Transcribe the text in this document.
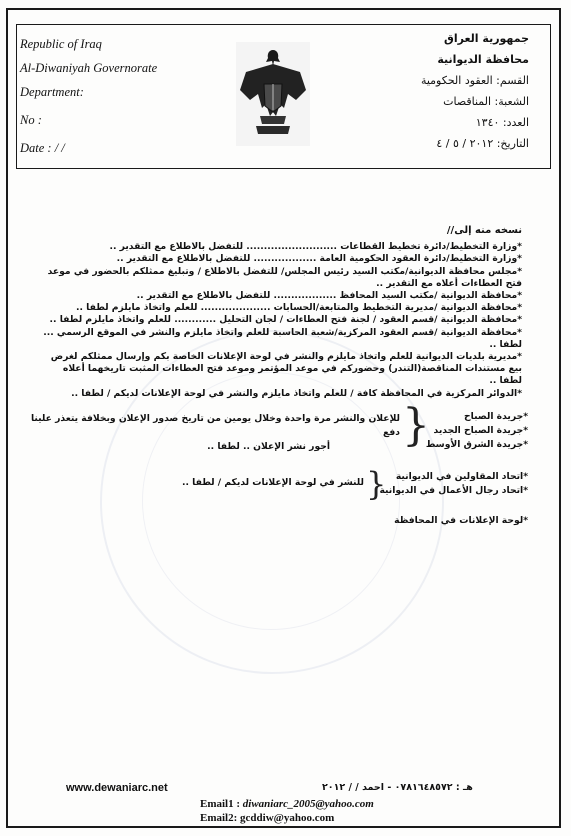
Republic of Iraq
Al-Diwaniyah Governorate
Department:
No :
Date : / /
جمهورية العراق
محافظة الديوانية
القسم: العقود الحكومية
الشعبة: المناقصات
العدد: ١٣٤٠
التاريخ: ٢٠١٢ / ٥ / ٤

نسخه منه إلى//

*وزارة التخطيط/دائرة تخطيط القطاعات .......................... للتفضل بالاطلاع مع التقدير ..

*وزارة التخطيط/دائرة العقود الحكومية العامة .................. للتفضل بالاطلاع مع التقدير ..

*مجلس محافظة الديوانية/مكتب السيد رئيس المجلس/ للتفضل بالاطلاع / وتبليغ ممثلكم بالحضور في موعد فتح العطاءات أعلاه مع التقدير ..

*محافظة الديوانية /مكتب السيد المحافظ .................. للتفضل بالاطلاع مع التقدير ..

*محافظة الديوانية /مديرية التخطيط والمتابعة/الحسابات .................... للعلم واتخاذ مايلزم لطفا ..

*محافظة الديوانية /قسم العقود / لجنة فتح العطاءات / لجان التحليل ............ للعلم واتخاذ مايلزم لطفا ..

*محافظة الديوانية /قسم العقود المركزية/شعبة الحاسبة للعلم واتخاذ مايلزم والنشر في الموقع الرسمي ... لطفا ..

*مديرية بلديات الديوانية للعلم واتخاذ مايلزم والنشر في لوحة الإعلانات الخاصة بكم وإرسال ممثلكم لغرض بيع مستندات المناقصة(التندر) وحضوركم في موعد المؤتمر وموعد فتح العطاءات المثبت تاريخهما أعلاه لطفا ..

*الدوائر المركزية في المحافظة كافة / للعلم واتخاذ مايلزم والنشر في لوحة الإعلانات لديكم / لطفا ..

*جريدة الصباح
*جريدة الصباح الجديد
*جريدة الشرق الأوسط
}
للإعلان والنشر مرة واحدة وخلال يومين من تاريخ صدور الإعلان وبخلافة يتعذر علينا دفع
أجور نشر الإعلان .. لطفا ..
*اتحاد المقاولين في الديوانية
*اتحاد رجال الأعمال في الديوانية
}
للنشر في لوحة الإعلانات لديكم / لطفا ..
*لوحة الإعلانات في المحافظة
www.dewaniarc.net	هـ : ٠٧٨١٦٤٨٥٧٢ - احمد / / ٢٠١٢
Email1 : diwaniarc_2005@yahoo.com
Email2: gcddiw@yahoo.com
